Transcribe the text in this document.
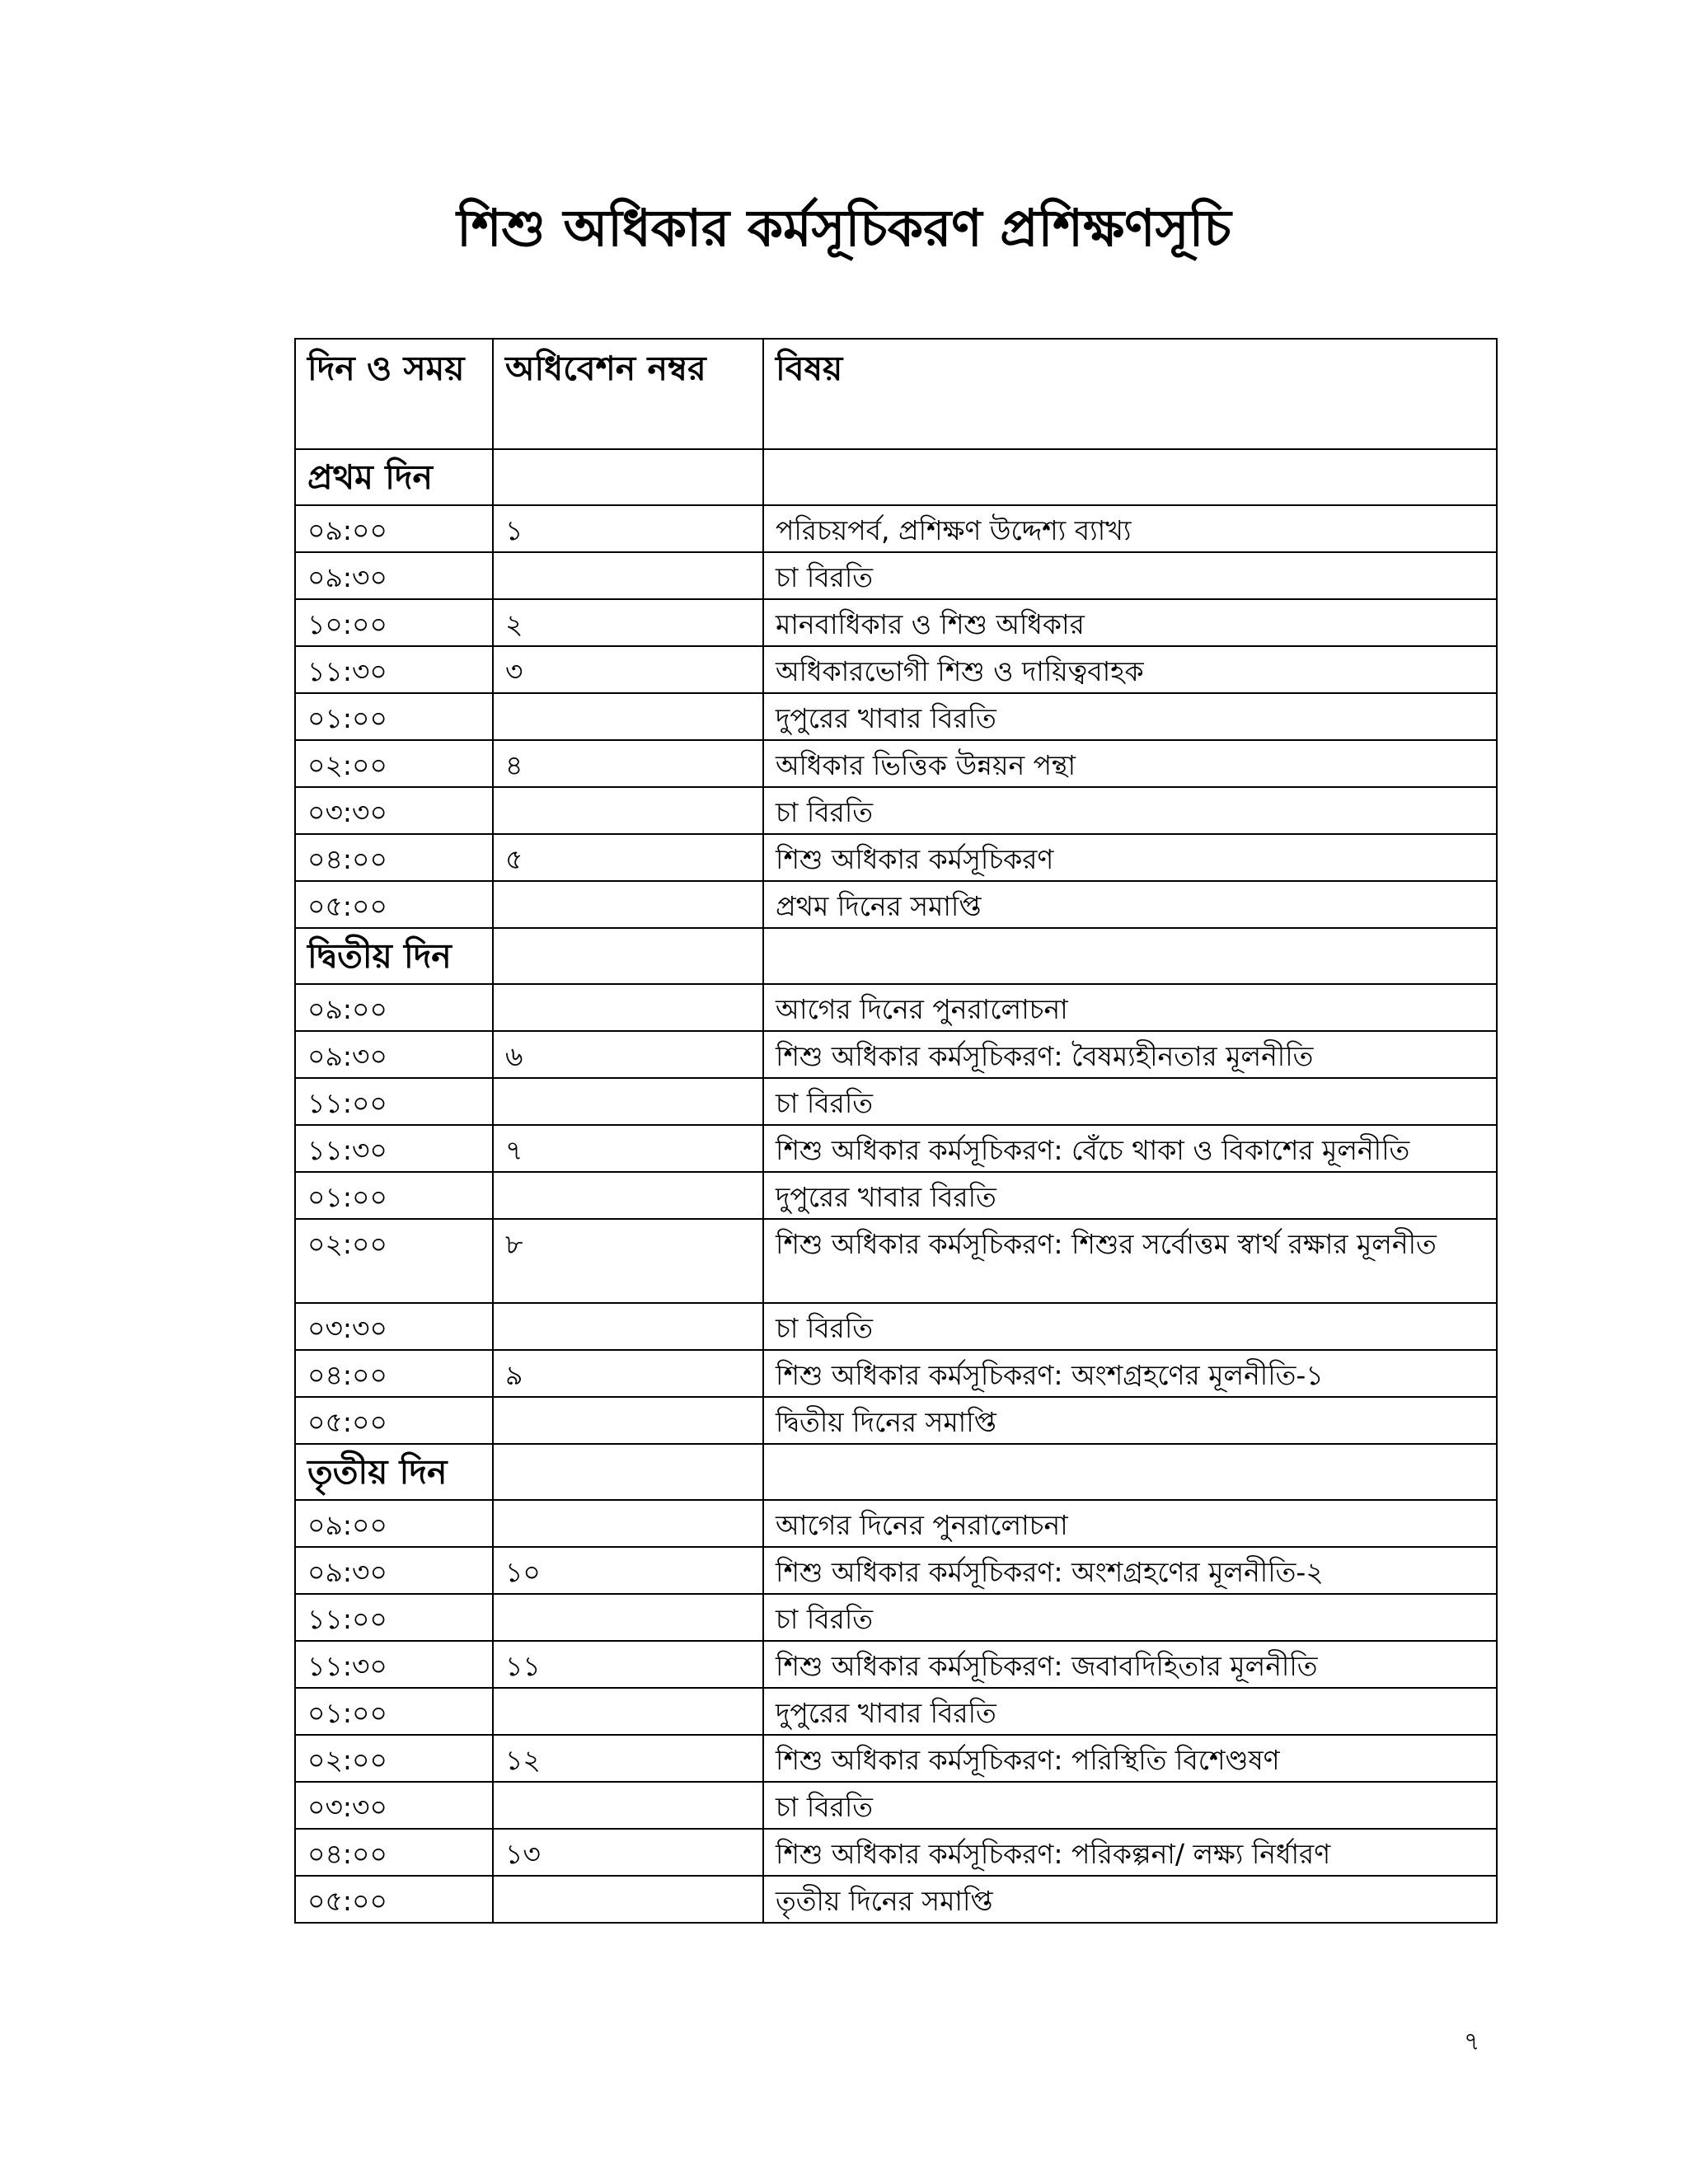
শিশু অধিকার কর্মসূচিকরণ প্রশিক্ষণসূচি
দিন ও সময়	অধিবেশন নম্বর	বিষয়
প্রথম দিন		
০৯:০০	১	পরিচয়পর্ব, প্রশিক্ষণ উদ্দেশ্য ব্যাখ্য
০৯:৩০		চা বিরতি
১০:০০	২	মানবাধিকার ও শিশু অধিকার
১১:৩০	৩	অধিকারভোগী শিশু ও দায়িত্ববাহক
০১:০০		দুপুরের খাবার বিরতি
০২:০০	৪	অধিকার ভিত্তিক উন্নয়ন পন্থা
০৩:৩০		চা বিরতি
০৪:০০	৫	শিশু অধিকার কর্মসূচিকরণ
০৫:০০		প্রথম দিনের সমাপ্তি
দ্বিতীয় দিন		
০৯:০০		আগের দিনের পুনরালোচনা
০৯:৩০	৬	শিশু অধিকার কর্মসূচিকরণ: বৈষম্যহীনতার মূলনীতি
১১:০০		চা বিরতি
১১:৩০	৭	শিশু অধিকার কর্মসূচিকরণ: বেঁচে থাকা ও বিকাশের মূলনীতি
০১:০০		দুপুরের খাবার বিরতি
০২:০০	৮	শিশু অধিকার কর্মসূচিকরণ: শিশুর সর্বোত্তম স্বার্থ রক্ষার মূলনীত
০৩:৩০		চা বিরতি
০৪:০০	৯	শিশু অধিকার কর্মসূচিকরণ: অংশগ্রহণের মূলনীতি-১
০৫:০০		দ্বিতীয় দিনের সমাপ্তি
তৃতীয় দিন		
০৯:০০		আগের দিনের পুনরালোচনা
০৯:৩০	১০	শিশু অধিকার কর্মসূচিকরণ: অংশগ্রহণের মূলনীতি-২
১১:০০		চা বিরতি
১১:৩০	১১	শিশু অধিকার কর্মসূচিকরণ: জবাবদিহিতার মূলনীতি
০১:০০		দুপুরের খাবার বিরতি
০২:০০	১২	শিশু অধিকার কর্মসূচিকরণ: পরিস্থিতি বিশেণ্ডষণ
০৩:৩০		চা বিরতি
০৪:০০	১৩	শিশু অধিকার কর্মসূচিকরণ: পরিকল্পনা/ লক্ষ্য নির্ধারণ
০৫:০০		তৃতীয় দিনের সমাপ্তি
৭
